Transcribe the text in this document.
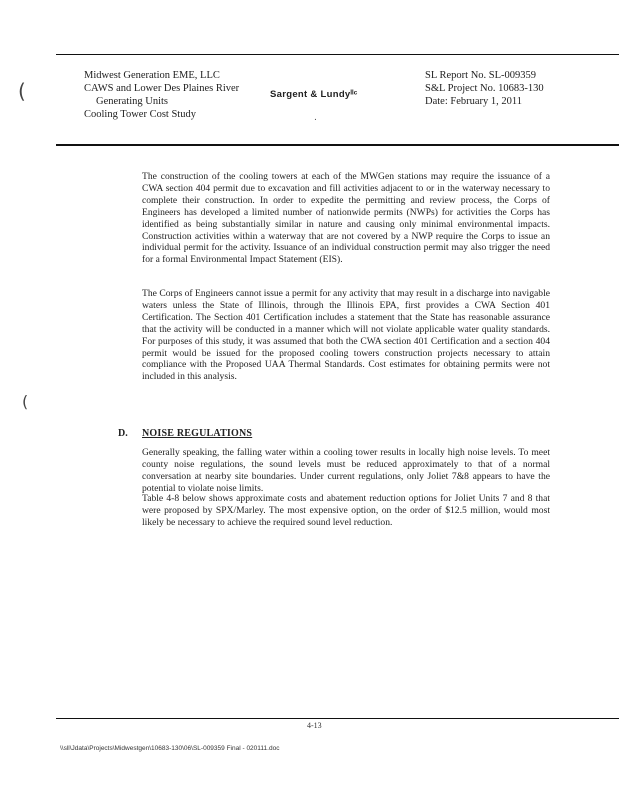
(
(
Midwest Generation EME, LLC
CAWS and Lower Des Plaines River
Generating Units
Cooling Tower Cost Study
Sargent & Lundyˡˡᶜ
.
SL Report No. SL-009359
S&L Project No. 10683-130
Date: February 1, 2011
The construction of the cooling towers at each of the MWGen stations may require the issuance of a CWA section 404 permit due to excavation and fill activities adjacent to or in the waterway necessary to complete their construction. In order to expedite the permitting and review process, the Corps of Engineers has developed a limited number of nationwide permits (NWPs) for activities the Corps has identified as being substantially similar in nature and causing only minimal environmental impacts. Construction activities within a waterway that are not covered by a NWP require the Corps to issue an individual permit for the activity. Issuance of an individual construction permit may also trigger the need for a formal Environmental Impact Statement (EIS).
The Corps of Engineers cannot issue a permit for any activity that may result in a discharge into navigable waters unless the State of Illinois, through the Illinois EPA, first provides a CWA Section 401 Certification. The Section 401 Certification includes a statement that the State has reasonable assurance that the activity will be conducted in a manner which will not violate applicable water quality standards. For purposes of this study, it was assumed that both the CWA section 401 Certification and a section 404 permit would be issued for the proposed cooling towers construction projects necessary to attain compliance with the Proposed UAA Thermal Standards. Cost estimates for obtaining permits were not included in this analysis.
D. NOISE REGULATIONS
Generally speaking, the falling water within a cooling tower results in locally high noise levels. To meet county noise regulations, the sound levels must be reduced approximately to that of a normal conversation at nearby site boundaries. Under current regulations, only Joliet 7&8 appears to have the potential to violate noise limits.
Table 4-8 below shows approximate costs and abatement reduction options for Joliet Units 7 and 8 that were proposed by SPX/Marley. The most expensive option, on the order of $12.5 million, would most likely be necessary to achieve the required sound level reduction.
4-13
\\sll\Jdata\Projects\Midwestgen\10683-130\06\SL-009359 Final - 020111.doc
